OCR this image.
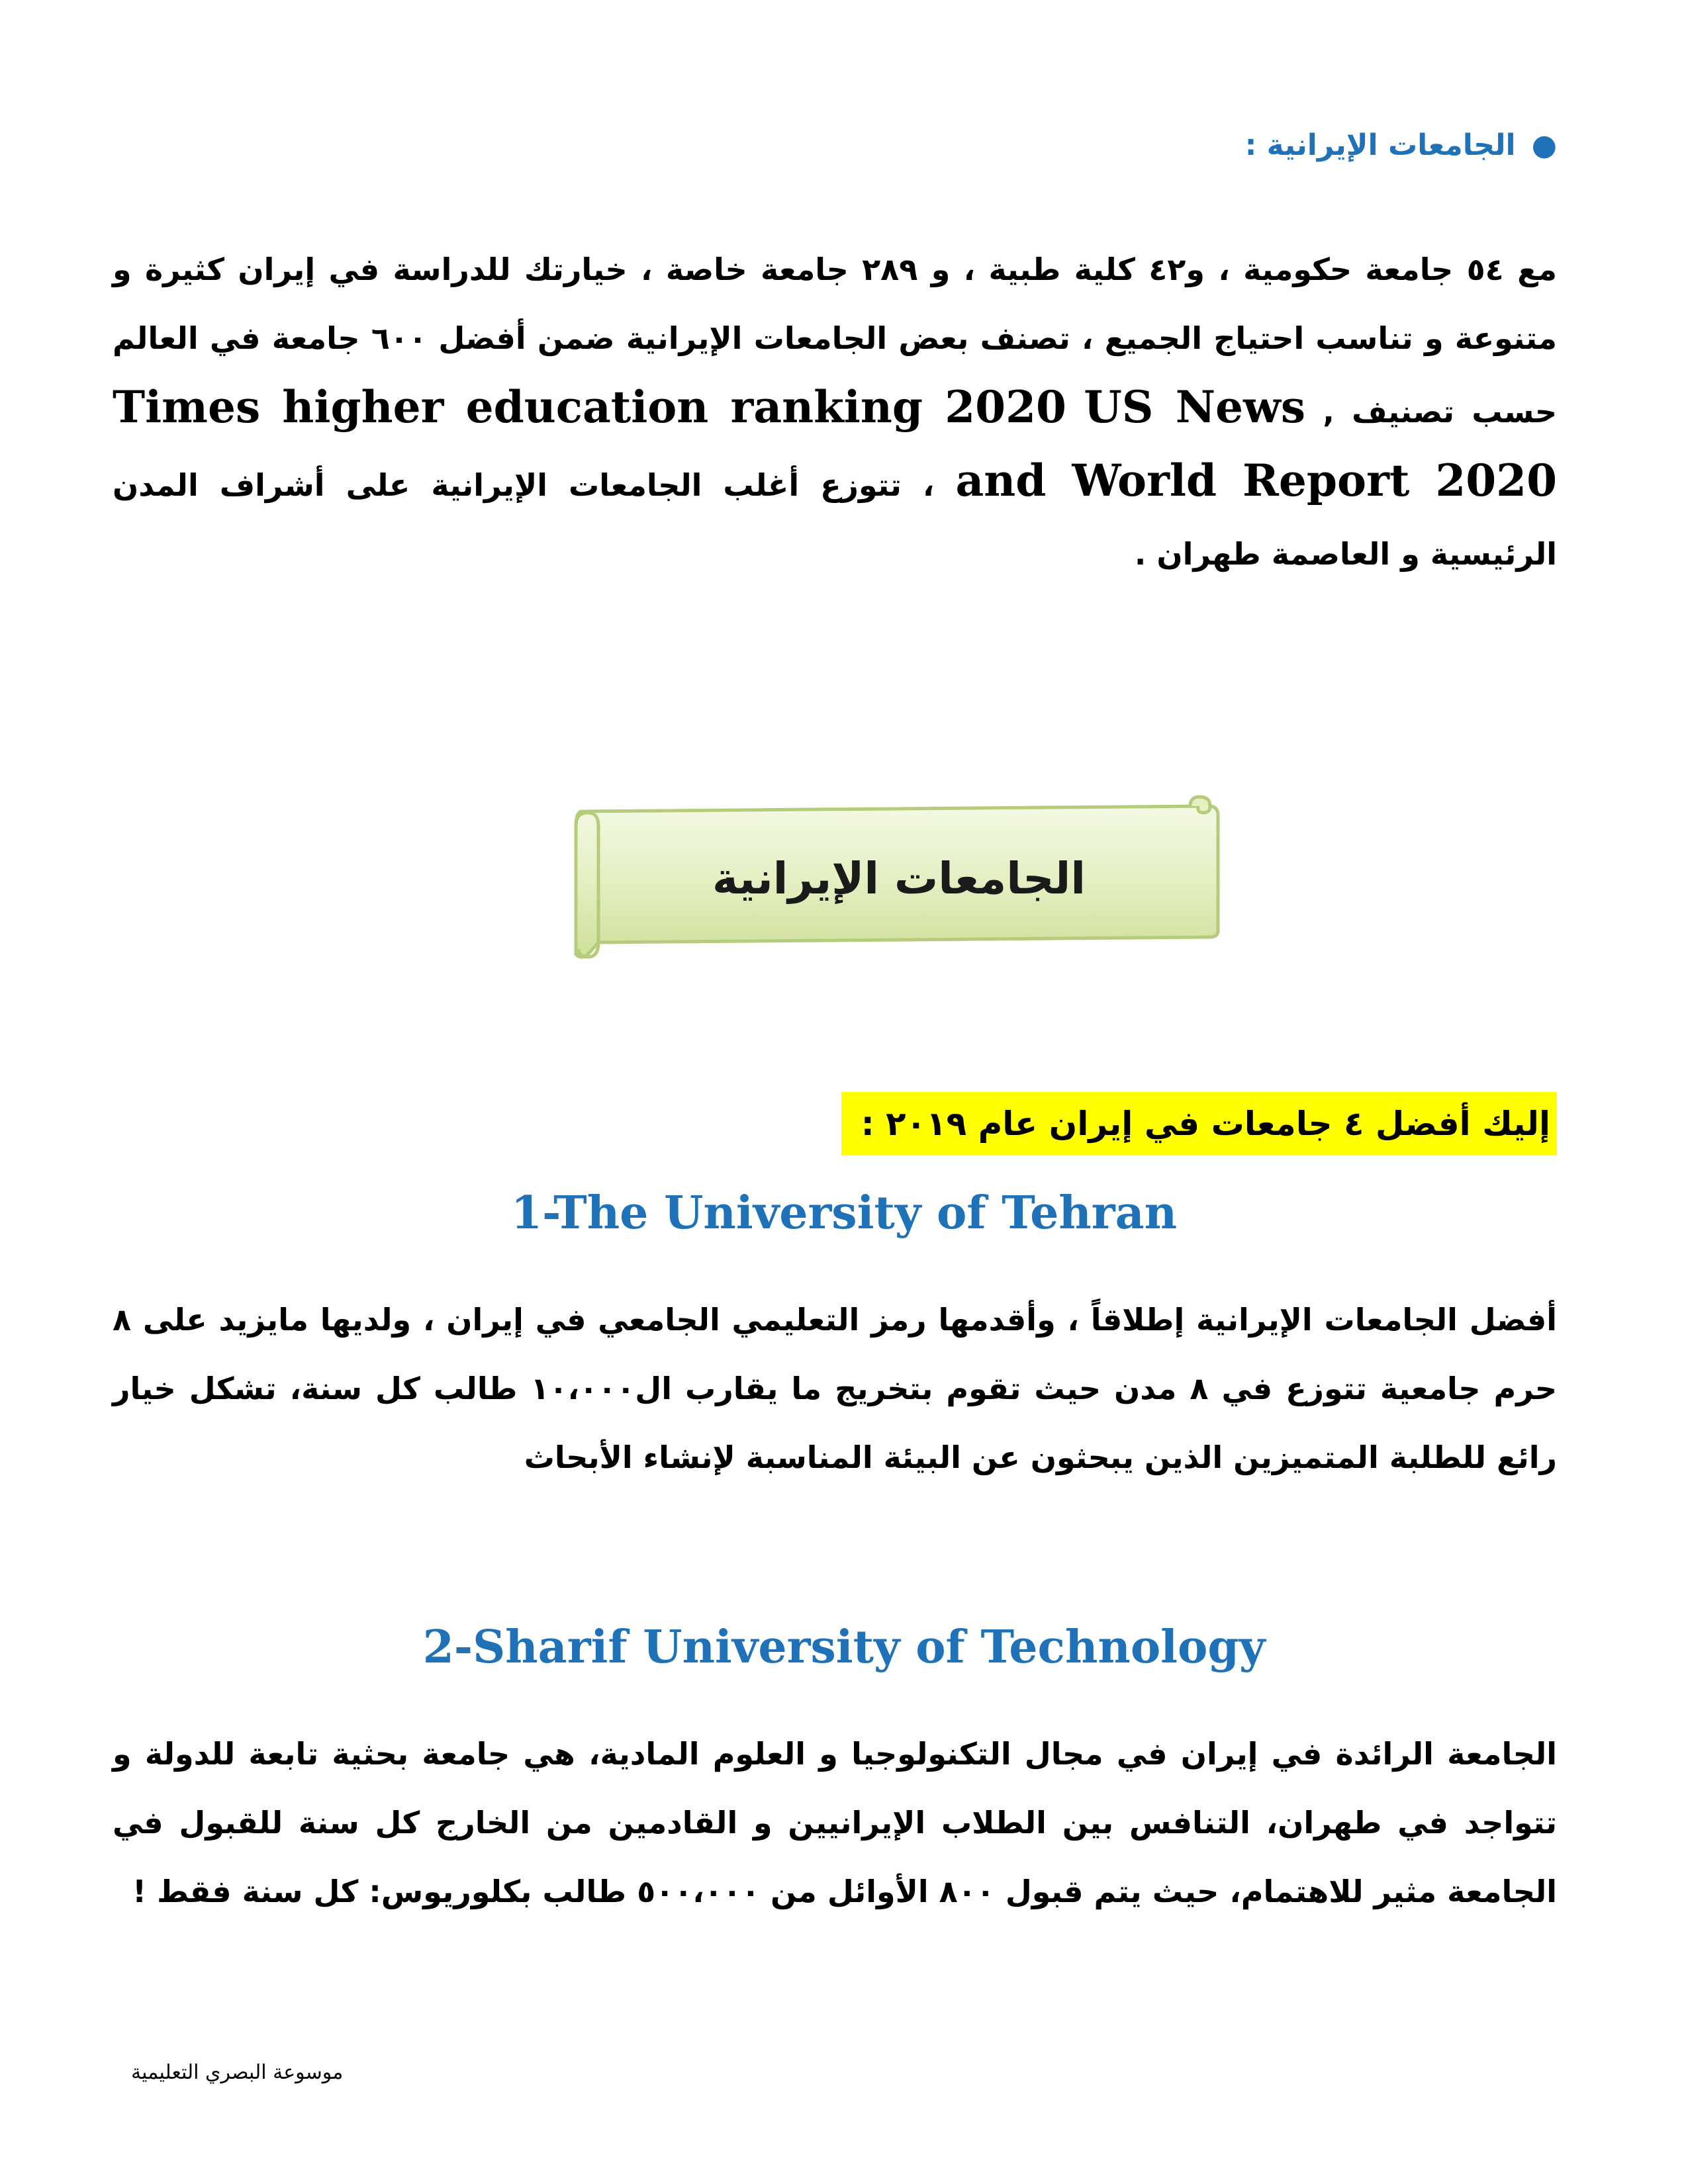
●الجامعات الإيرانية :
مع ٥٤ جامعة حكومية ، و٤٢ كلية طبية ، و ٢٨٩ جامعة خاصة ، خيارتك للدراسة في إيران كثيرة و متنوعة و تناسب احتياج الجميع ، تصنف بعض الجامعات الإيرانية ضمن أفضل ٦٠٠ جامعة في العالم حسب تصنيف , Times higher education ranking 2020 US News and World Report 2020 ، تتوزع أغلب الجامعات الإيرانية على أشراف المدن الرئيسية و العاصمة طهران .
الجامعات الإيرانية
إليك أفضل ٤ جامعات في إيران عام ٢٠١٩ :
1-The University of Tehran
أفضل الجامعات الإيرانية إطلاقاً ، وأقدمها رمز التعليمي الجامعي في إيران ، ولديها مايزيد على ٨ حرم جامعية تتوزع في ٨ مدن حيث تقوم بتخريج ما يقارب ال١٠،٠٠٠ طالب كل سنة، تشكل خيار رائع للطلبة المتميزين الذين يبحثون عن البيئة المناسبة لإنشاء الأبحاث
2-Sharif University of Technology
الجامعة الرائدة في إيران في مجال التكنولوجيا و العلوم المادية، هي جامعة بحثية تابعة للدولة و تتواجد في طهران، التنافس بين الطلاب الإيرانيين و القادمين من الخارج كل سنة للقبول في الجامعة مثير للاهتمام، حيث يتم قبول ٨٠٠ الأوائل من ٥٠٠،٠٠٠ طالب بكلوريوس: كل سنة فقط !
موسوعة البصري التعليمية
